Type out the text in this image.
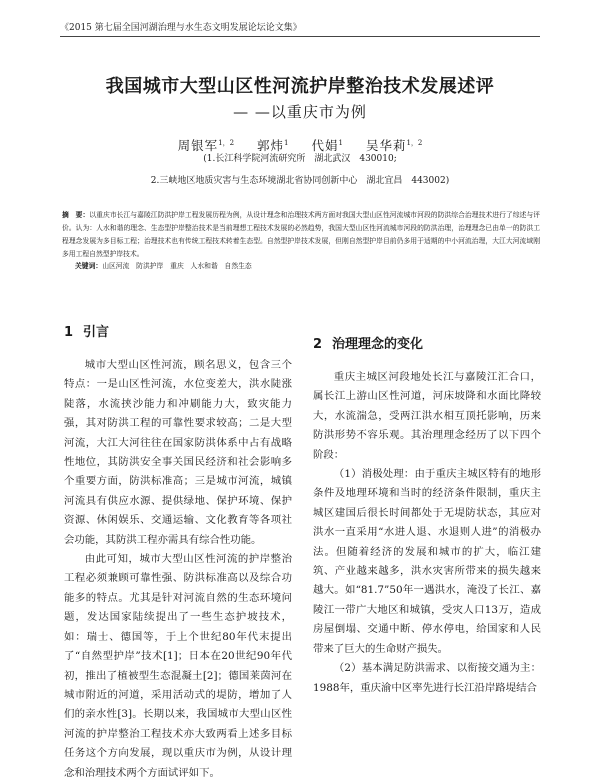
《2015 第七届全国河湖治理与水生态文明发展论坛论文集》
我国城市大型山区性河流护岸整治技术发展述评
— —以重庆市为例
周银军$^{1,2}$ 郭炜$^1$ 代娟$^1$ 吴华莉$^{1,2}$
(1.长江科学院河流研究所　湖北武汉　430010;
2.三峡地区地质灾害与生态环境湖北省协同创新中心　湖北宜昌　443002)
摘　要：以重庆市长江与嘉陵江防洪护岸工程发展历程为例，从设计理念和治理技术两方面对我国大型山区性河流城市河段的防洪综合治理技术进行了综述与评价。认为：人水和谐的理念、生态型护岸整治技术是当前理想工程技术发展的必然趋势，我国大型山区性河流城市河段的防洪治理，治理理念已由单一的防洪工程理念发展为多目标工程；治理技术也有传统工程技术转着生态型。自然型护岸技术发展，但刚自然型护岸目前仍多用于适期的中小河流治理，大江大河流域刚多用工程自然型护岸技术。
关键词：山区河流　防洪护岸　重庆　人水和谐　自然生态
1 引言

城市大型山区性河流，顾名思义，包含三个特点：一是山区性河流，水位变差大，洪水陡涨陡落，水流挟沙能力和冲刷能力大，致灾能力强，其对防洪工程的可靠性要求较高；二是大型河流，大江大河往往在国家防洪体系中占有战略性地位，其防洪安全事关国民经济和社会影响多个重要方面，防洪标准高；三是城市河流，城镇河流具有供应水源、提供绿地、保护环境、保护资源、休闲娱乐、交通运输、文化教育等各项社会功能，其防洪工程亦需具有综合性功能。

由此可知，城市大型山区性河流的护岸整治工程必须兼顾可靠性强、防洪标准高以及综合功能多的特点。尤其是针对河流自然的生态环境问题，发达国家陆续提出了一些生态护坡技术，如：瑞士、德国等，于上个世纪80年代末提出了“自然型护岸”技术[1]；日本在20世纪90年代初，推出了植被型生态混凝土[2]；德国莱茵河在城市附近的河道，采用活动式的堤防，增加了人们的亲水性[3]。长期以来，我国城市大型山区性河流的护岸整治工程技术亦大致两看上述多目标任务这个方向发展，现以重庆市为例，从设计理念和治理技术两个方面试评如下。

2 治理理念的变化

重庆主城区河段地处长江与嘉陵江汇合口，属长江上游山区性河道，河床坡降和水面比降较大，水流湍急，受两江洪水相互顶托影响，历来防洪形势不容乐观。其治理理念经历了以下四个阶段：

（1）消极处理：由于重庆主城区特有的地形条件及地理环境和当时的经济条件限制，重庆主城区建国后很长时间都处于无堤防状态，其应对洪水一直采用“水进人退、水退则人进”的消极办法。但随着经济的发展和城市的扩大，临江建筑、产业越来越多，洪水灾害所带来的损失越来越大。如“81.7”50年一遇洪水，淹没了长江、嘉陵江一带广大地区和城镇，受灾人口13万，造成房屋倒塌、交通中断、停水停电，给国家和人民带来了巨大的生命财产损失。

（2）基本满足防洪需求、以衔接交通为主：1988年，重庆渝中区率先进行长江沿岸路堤结合
